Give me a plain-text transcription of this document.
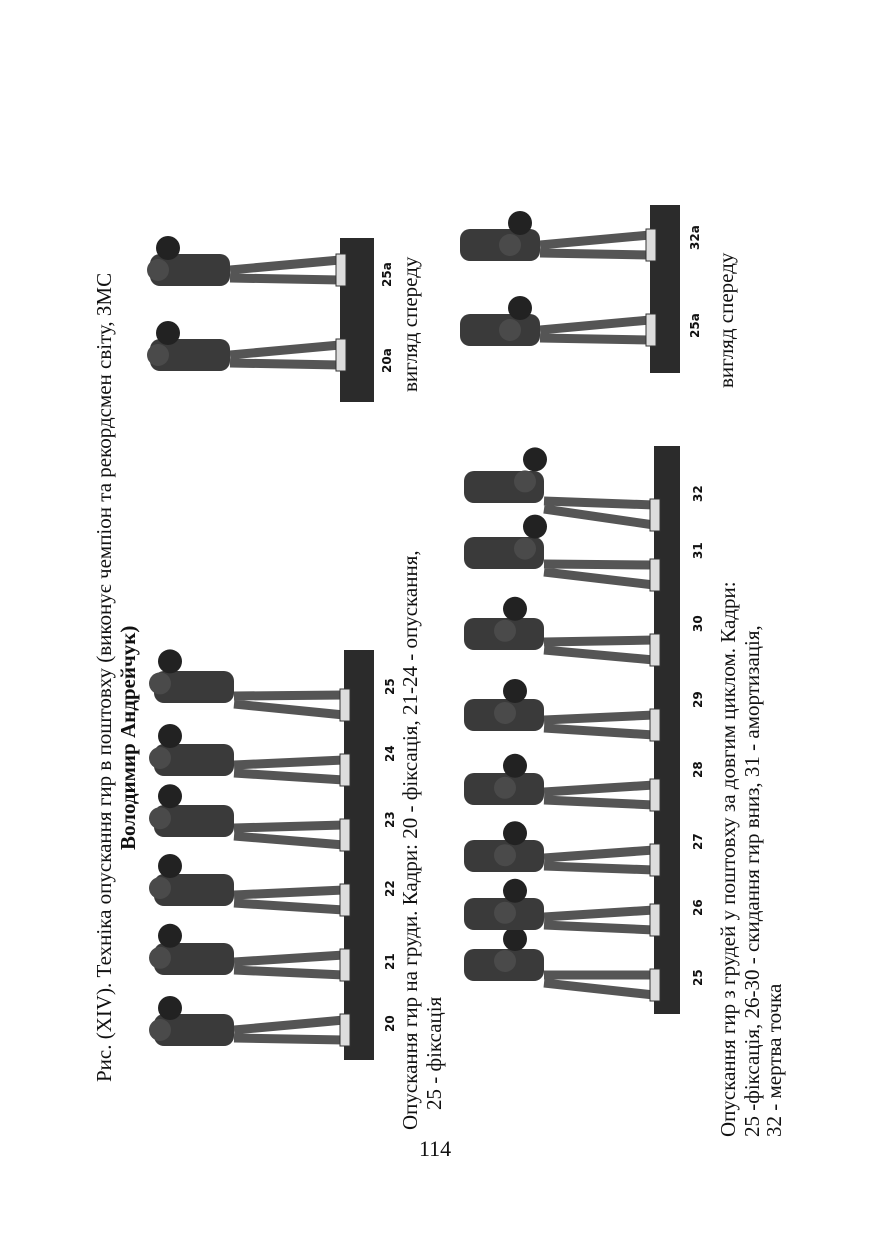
Рис. (XIV). Техніка опускання гир в поштовху (виконує чемпіон та рекордсмен світу, ЗМС Володимир Андрейчук)
20
21
22
23
24
25
25
26
27
28
29
30
31
32
20а
25а
25а
32а
Опускання гир на груди. Кадри: 20 - фіксація, 21-24 - опускання, 25 - фіксація
вигляд спереду
Опускання гир з грудей у поштовху за довгим циклом. Кадри: 25 -фіксація, 26-30 - скидання гир вниз, 31 - амортизація,
32 - мертва точка
вигляд спереду
114
